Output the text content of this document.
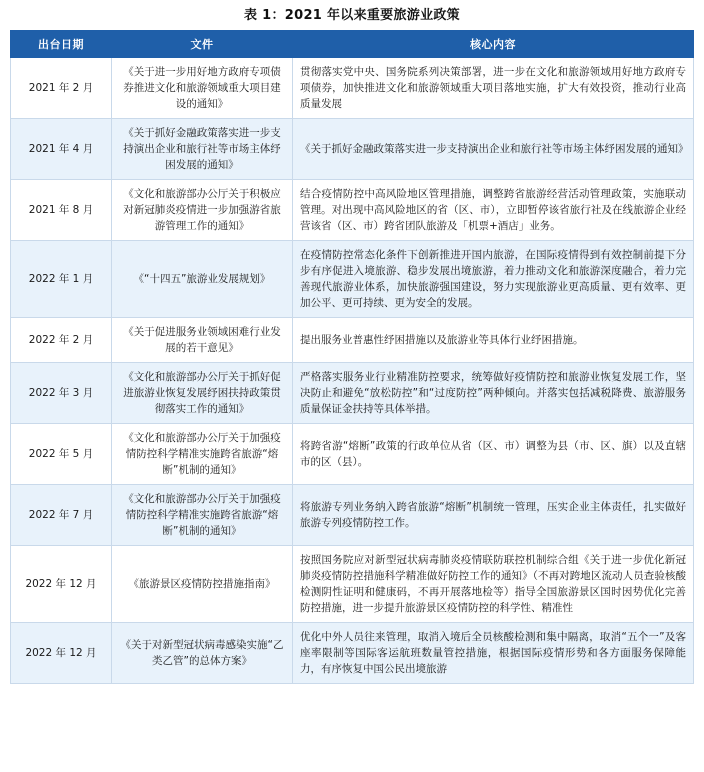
表 1：2021 年以来重要旅游业政策
出台日期	文件	核心内容
2021 年 2 月	《关于进一步用好地方政府专项债券推进文化和旅游领域重大项目建设的通知》	贯彻落实党中央、国务院系列决策部署，进一步在文化和旅游领域用好地方政府专项债券，加快推进文化和旅游领域重大项目落地实施，扩大有效投资，推动行业高质量发展
2021 年 4 月	《关于抓好金融政策落实进一步支持演出企业和旅行社等市场主体纾困发展的通知》	《关于抓好金融政策落实进一步支持演出企业和旅行社等市场主体纾困发展的通知》
2021 年 8 月	《文化和旅游部办公厅关于积极应对新冠肺炎疫情进一步加强游省旅游管理工作的通知》	结合疫情防控中高风险地区管理措施，调整跨省旅游经营活动管理政策，实施联动管理。对出现中高风险地区的省（区、市），立即暂停该省旅行社及在线旅游企业经营该省（区、市）跨省团队旅游及「机票+酒店」业务。
2022 年 1 月	《“十四五”旅游业发展规划》	在疫情防控常态化条件下创新推进开国内旅游，在国际疫情得到有效控制前提下分步有序促进入境旅游、稳步发展出境旅游，着力推动文化和旅游深度融合，着力完善现代旅游业体系，加快旅游强国建设，努力实现旅游业更高质量、更有效率、更加公平、更可持续、更为安全的发展。
2022 年 2 月	《关于促进服务业领域困难行业发展的若干意见》	提出服务业普惠性纾困措施以及旅游业等具体行业纾困措施。
2022 年 3 月	《文化和旅游部办公厅关于抓好促进旅游业恢复发展纾困扶持政策贯彻落实工作的通知》	严格落实服务业行业精准防控要求，统筹做好疫情防控和旅游业恢复发展工作，坚决防止和避免“放松防控”和“过度防控”两种倾向。并落实包括减税降费、旅游服务质量保证金扶持等具体举措。
2022 年 5 月	《文化和旅游部办公厅关于加强疫情防控科学精准实施跨省旅游“熔断”机制的通知》	将跨省游“熔断”政策的行政单位从省（区、市）调整为县（市、区、旗）以及直辖市的区（县）。
2022 年 7 月	《文化和旅游部办公厅关于加强疫情防控科学精准实施跨省旅游“熔断”机制的通知》	将旅游专列业务纳入跨省旅游“熔断”机制统一管理，压实企业主体责任，扎实做好旅游专列疫情防控工作。
2022 年 12 月	《旅游景区疫情防控措施指南》	按照国务院应对新型冠状病毒肺炎疫情联防联控机制综合组《关于进一步优化新冠肺炎疫情防控措施科学精准做好防控工作的通知》（不再对跨地区流动人员查验核酸检测阴性证明和健康码，不再开展落地检等）指导全国旅游景区国时因势优化完善防控措施，进一步提升旅游景区疫情防控的科学性、精准性
2022 年 12 月	《关于对新型冠状病毒感染实施“乙类乙管”的总体方案》	优化中外人员往来管理，取消入境后全员核酸检测和集中隔离，取消“五个一”及客座率限制等国际客运航班数量管控措施，根据国际疫情形势和各方面服务保障能力，有序恢复中国公民出境旅游
